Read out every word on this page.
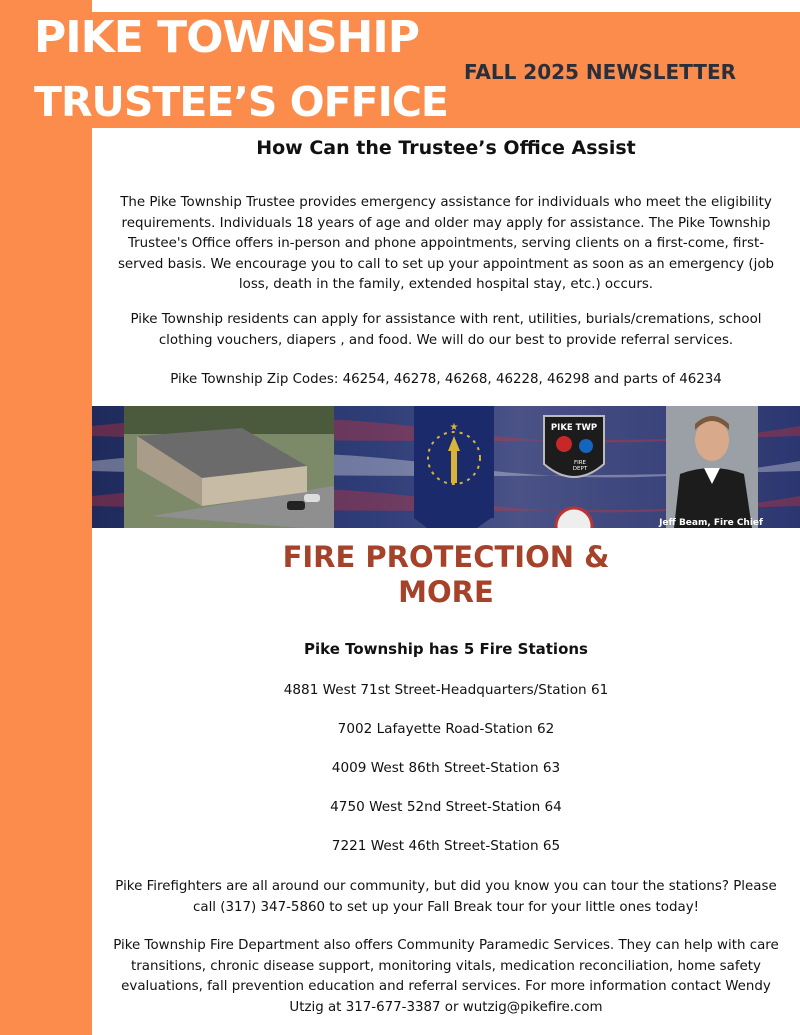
PIKE TOWNSHIP
TRUSTEE’S OFFICE
FALL 2025 NEWSLETTER
How Can the Trustee’s Office Assist

The Pike Township Trustee provides emergency assistance for individuals who meet the eligibility requirements. Individuals 18 years of age and older may apply for assistance. The Pike Township Trustee's Office offers in-person and phone appointments, serving clients on a first-come, first-served basis. We encourage you to call to set up your appointment as soon as an emergency (job loss, death in the family, extended hospital stay, etc.) occurs.

Pike Township residents can apply for assistance with rent, utilities, burials/cremations, school clothing vouchers, diapers , and food. We will do our best to provide referral services.

Pike Township Zip Codes: 46254, 46278, 46268, 46228, 46298 and parts of 46234

★	PIKE TWP
FIRE
DEPT
Jeff Beam, Fire Chief
FIRE PROTECTION &
MORE
Pike Township has 5 Fire Stations
4881 West 71st Street-Headquarters/Station 61
7002 Lafayette Road-Station 62
4009 West 86th Street-Station 63
4750 West 52nd Street-Station 64
7221 West 46th Street-Station 65

Pike Firefighters are all around our community, but did you know you can tour the stations? Please call (317) 347-5860 to set up your Fall Break tour for your little ones today!

Pike Township Fire Department also offers Community Paramedic Services. They can help with care transitions, chronic disease support, monitoring vitals, medication reconciliation, home safety evaluations, fall prevention education and referral services. For more information contact Wendy Utzig at 317-677-3387 or wutzig@pikefire.com
